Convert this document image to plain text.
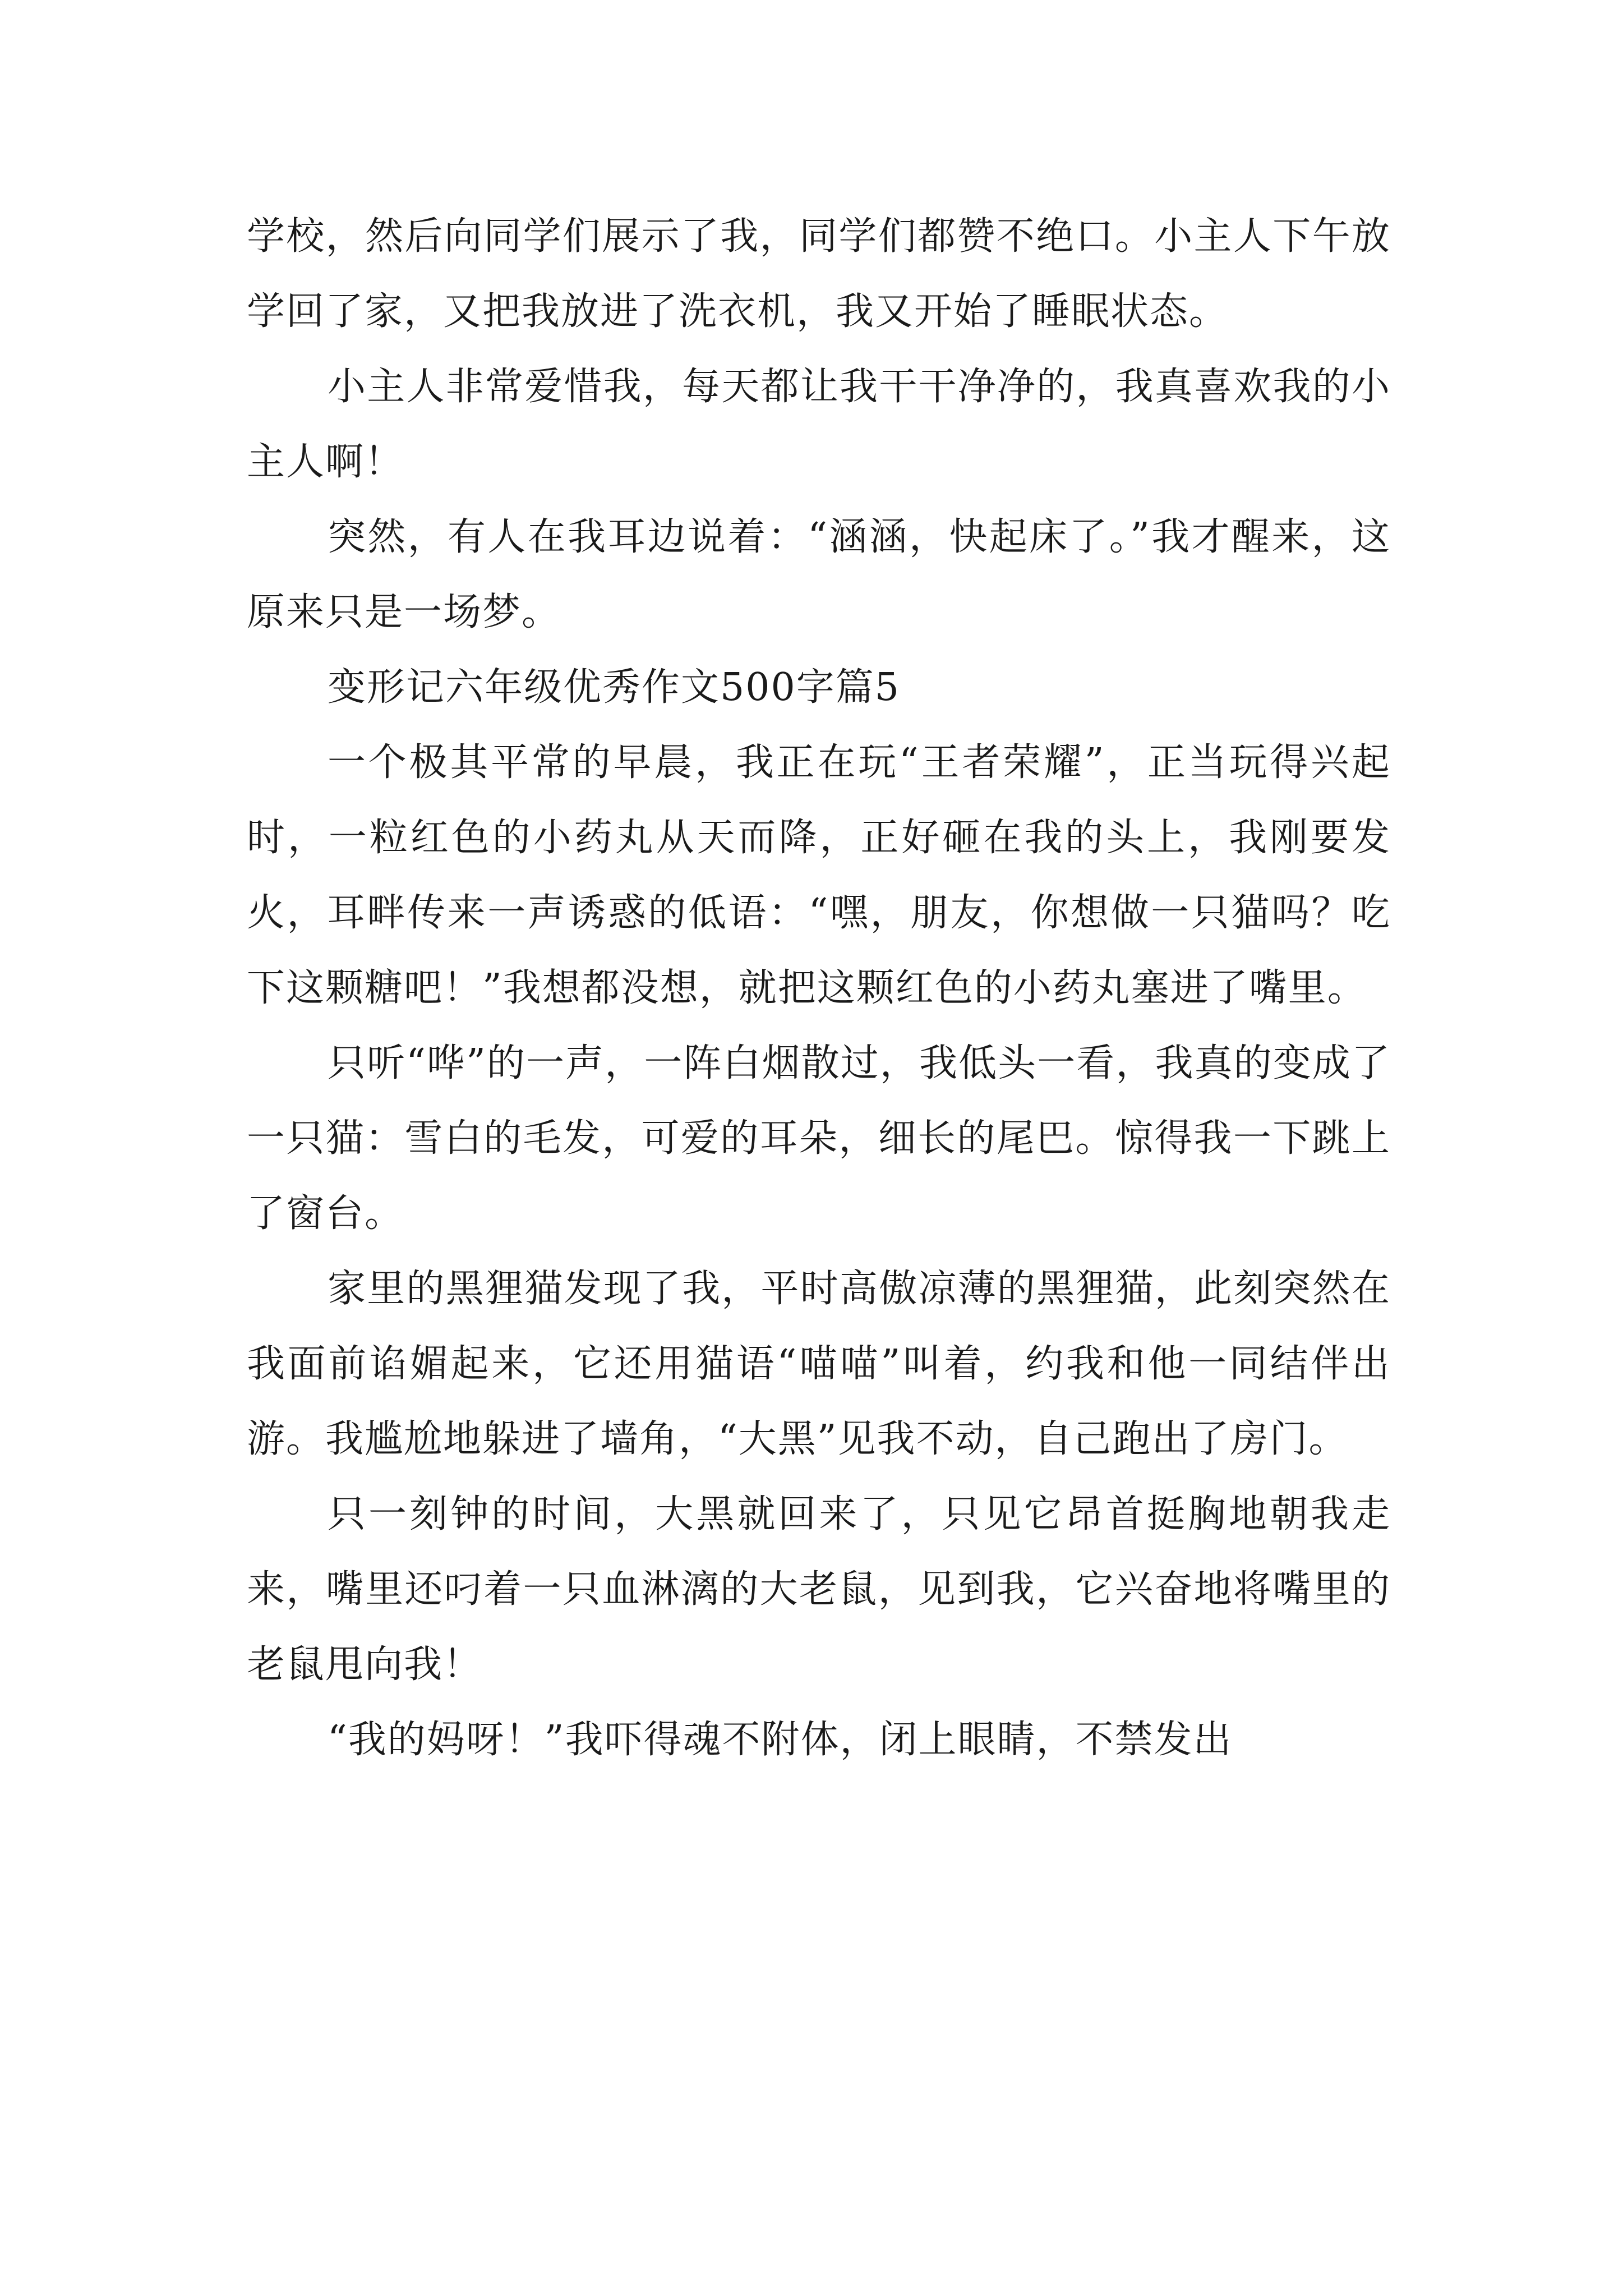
学校，然后向同学们展示了我，同学们都赞不绝口。小主人下午放学回了家，又把我放进了洗衣机，我又开始了睡眠状态。

小主人非常爱惜我，每天都让我干干净净的，我真喜欢我的小主人啊！

突然，有人在我耳边说着：“涵涵，快起床了。”我才醒来，这原来只是一场梦。

变形记六年级优秀作文500字篇5

一个极其平常的早晨，我正在玩“王者荣耀”，正当玩得兴起时，一粒红色的小药丸从天而降，正好砸在我的头上，我刚要发火，耳畔传来一声诱惑的低语：“嘿，朋友，你想做一只猫吗？吃下这颗糖吧！”我想都没想，就把这颗红色的小药丸塞进了嘴里。

只听“哗”的一声，一阵白烟散过，我低头一看，我真的变成了一只猫：雪白的毛发，可爱的耳朵，细长的尾巴。惊得我一下跳上了窗台。

家里的黑狸猫发现了我，平时高傲凉薄的黑狸猫，此刻突然在我面前谄媚起来，它还用猫语“喵喵”叫着，约我和他一同结伴出游。我尴尬地躲进了墙角，“大黑”见我不动，自己跑出了房门。

只一刻钟的时间，大黑就回来了，只见它昂首挺胸地朝我走来，嘴里还叼着一只血淋漓的大老鼠，见到我，它兴奋地将嘴里的老鼠甩向我！

“我的妈呀！”我吓得魂不附体，闭上眼睛，不禁发出
